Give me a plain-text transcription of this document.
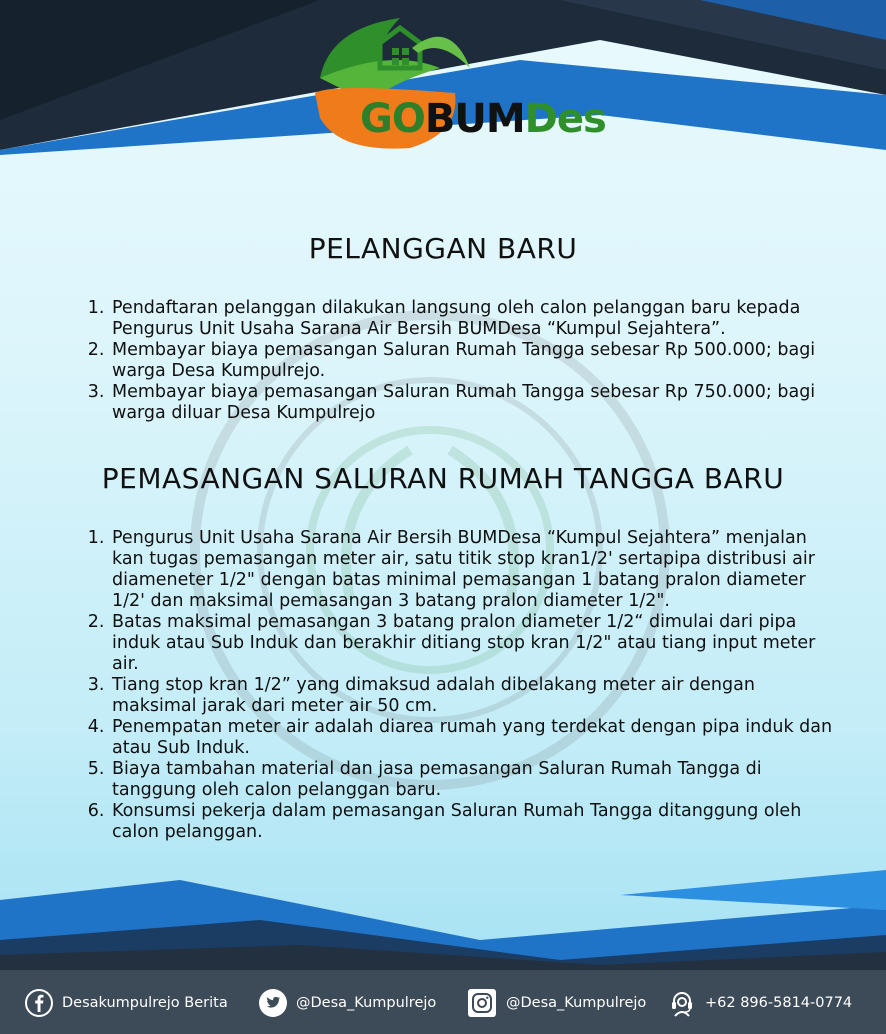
GOBUMDes
PELANGGAN BARU
1. Pendaftaran pelanggan dilakukan langsung oleh calon pelanggan baru kepada Pengurus Unit Usaha Sarana Air Bersih BUMDesa “Kumpul Sejahtera”.
2. Membayar biaya pemasangan Saluran Rumah Tangga sebesar Rp 500.000; bagi warga Desa Kumpulrejo.
3. Membayar biaya pemasangan Saluran Rumah Tangga sebesar Rp 750.000; bagi warga diluar Desa Kumpulrejo
PEMASANGAN SALURAN RUMAH TANGGA BARU
1. Pengurus Unit Usaha Sarana Air Bersih BUMDesa “Kumpul Sejahtera” menjalan kan tugas pemasangan meter air, satu titik stop kran1/2' sertapipa distribusi air diameneter 1/2" dengan batas minimal pemasangan 1 batang pralon diameter 1/2' dan maksimal pemasangan 3 batang pralon diameter 1/2".
2. Batas maksimal pemasangan 3 batang pralon diameter 1/2“ dimulai dari pipa induk atau Sub Induk dan berakhir ditiang stop kran 1/2" atau tiang input meter air.
3. Tiang stop kran 1/2” yang dimaksud adalah dibelakang meter air dengan maksimal jarak dari meter air 50 cm.
4. Penempatan meter air adalah diarea rumah yang terdekat dengan pipa induk dan atau Sub Induk.
5. Biaya tambahan material dan jasa pemasangan Saluran Rumah Tangga di tanggung oleh calon pelanggan baru.
6. Konsumsi pekerja dalam pemasangan Saluran Rumah Tangga ditanggung oleh calon pelanggan.
Desakumpulrejo Berita	@Desa_Kumpulrejo	@Desa_Kumpulrejo	+62 896-5814-0774
